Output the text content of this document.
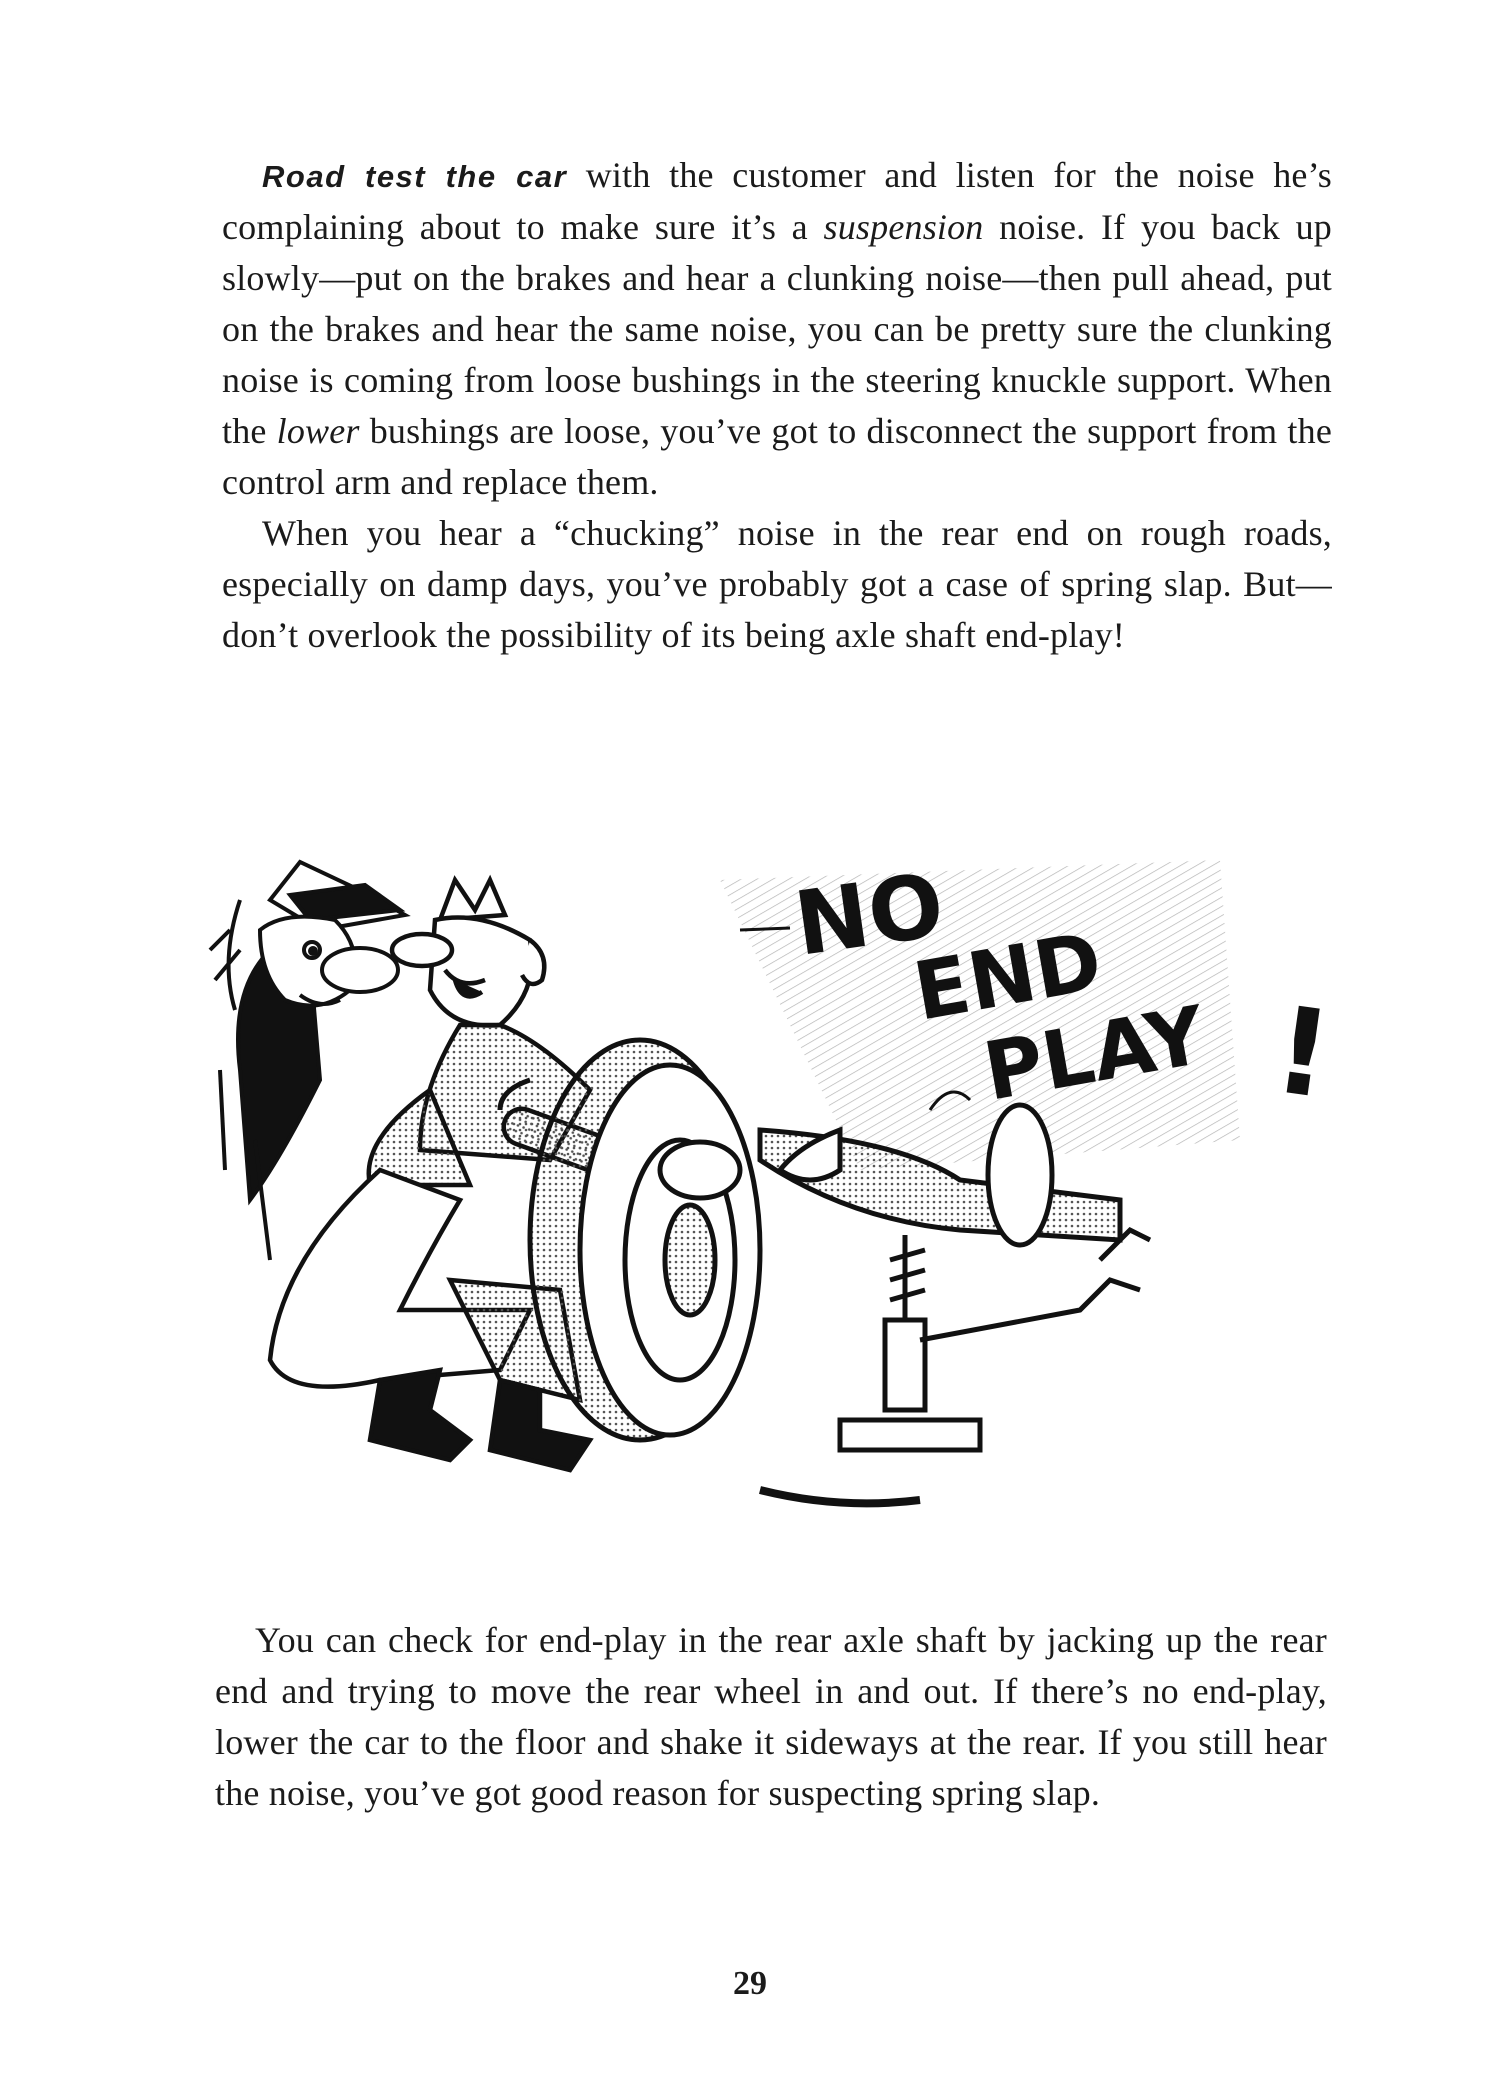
Road test the car with the customer and listen for the noise he’s complaining about to make sure it’s a suspension noise. If you back up slowly—put on the brakes and hear a clunking noise—then pull ahead, put on the brakes and hear the same noise, you can be pretty sure the clunking noise is coming from loose bushings in the steering knuckle support. When the lower bushings are loose, you’ve got to disconnect the support from the control arm and replace them.

When you hear a “chucking” noise in the rear end on rough roads, especially on damp days, you’ve probably got a case of spring slap. But—don’t overlook the possibility of its being axle shaft end-play!

NO
END
PLAY !

You can check for end-play in the rear axle shaft by jacking up the rear end and trying to move the rear wheel in and out. If there’s no end-play, lower the car to the floor and shake it sideways at the rear. If you still hear the noise, you’ve got good reason for suspecting spring slap.

29
